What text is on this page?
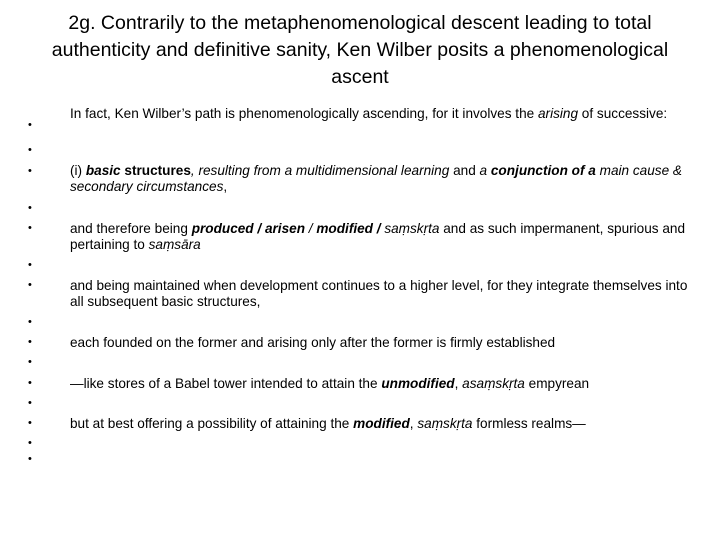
2g. Contrarily to the metaphenomenological descent leading to total authenticity and definitive sanity, Ken Wilber posits a phenomenological ascent
•
•
•
•
•
•
•
•
•
•
•
•
•
•
•
In fact, Ken Wilber’s path is phenomenologically ascending, for it involves the arising of successive:
(i) basic structures, resulting from a multidimensional learning and a conjunction of a main cause & secondary circumstances,
and therefore being produced / arisen / modified / saṃskṛta and as such impermanent, spurious and pertaining to saṃsāra
and being maintained when development continues to a higher level, for they integrate themselves into all subsequent basic structures,
each founded on the former and arising only after the former is firmly established
—like stores of a Babel tower intended to attain the unmodified, asaṃskṛta empyrean
but at best offering a possibility of attaining the modified, saṃskṛta formless realms—
